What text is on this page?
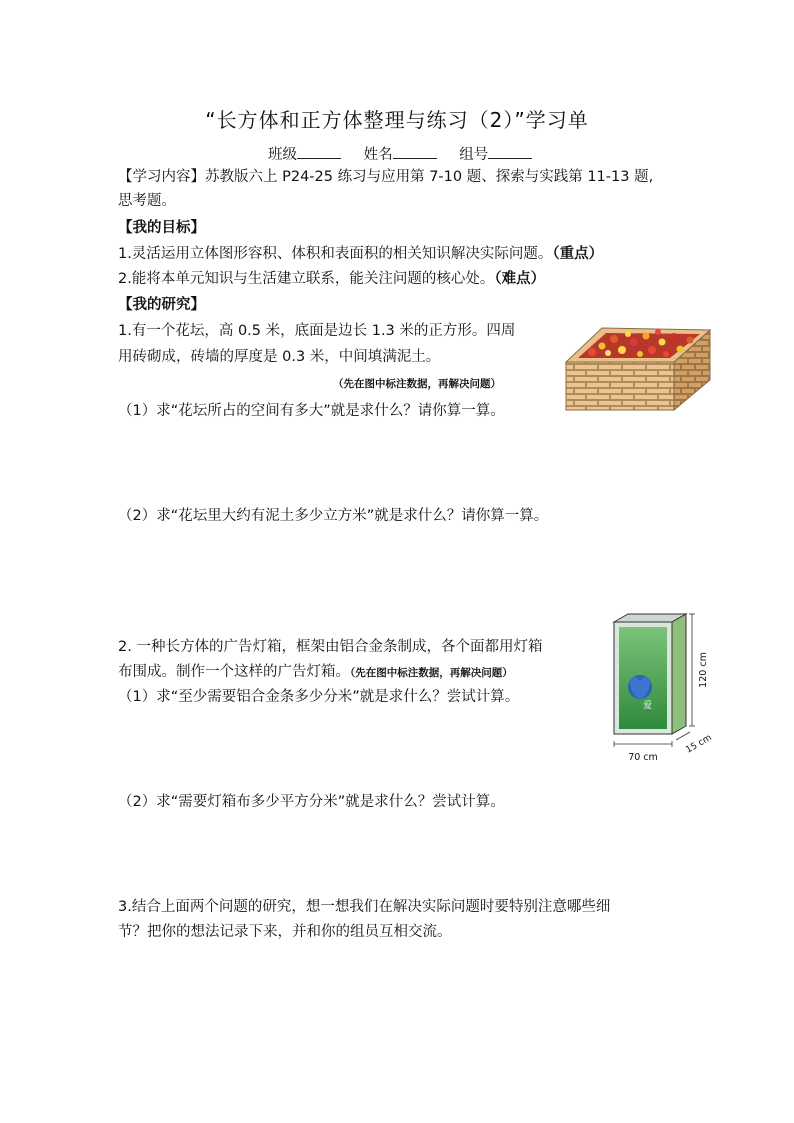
“长方体和正方体整理与练习（2）”学习单
班级	姓名	组号
【学习内容】苏教版六上 P24-25 练习与应用第 7-10 题、探索与实践第 11-13 题,
思考题。
【我的目标】
1.灵活运用立体图形容积、体积和表面积的相关知识解决实际问题。（重点）
2.能将本单元知识与生活建立联系，能关注问题的核心处。（难点）
【我的研究】
1.有一个花坛，高 0.5 米，底面是边长 1.3 米的正方形。四周
用砖砌成，砖墙的厚度是 0.3 米，中间填满泥土。
（先在图中标注数据，再解决问题）
（1）求“花坛所占的空间有多大”就是求什么？请你算一算。
（2）求“花坛里大约有泥土多少立方米”就是求什么？请你算一算。
2. 一种长方体的广告灯箱，框架由铝合金条制成，各个面都用灯箱
布围成。制作一个这样的广告灯箱。（先在图中标注数据，再解决问题）
（1）求“至少需要铝合金条多少分米”就是求什么？尝试计算。
（2）求“需要灯箱布多少平方分米”就是求什么？尝试计算。
3.结合上面两个问题的研究，想一想我们在解决实际问题时要特别注意哪些细
节？把你的想法记录下来，并和你的组员互相交流。
爱
120 cm
70 cm
15 cm
